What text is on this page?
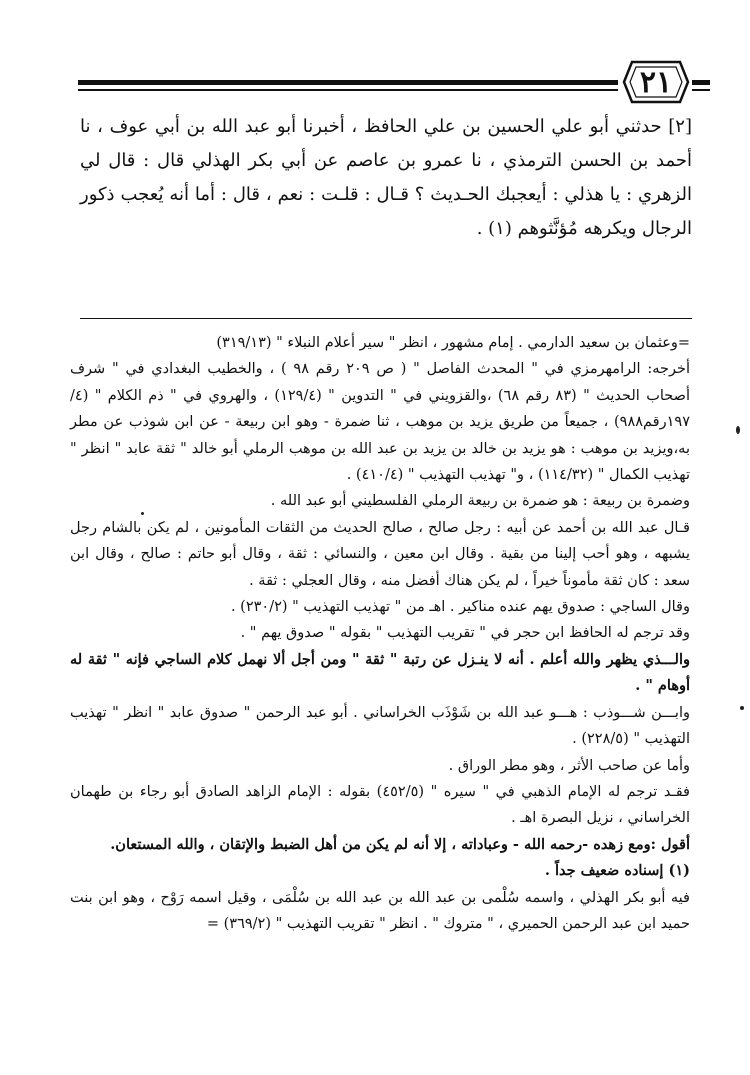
٢١

[٢] حدثني أبو علي الحسين بن علي الحافظ ، أخبرنا أبو عبد الله بن أبي عوف ، نا أحمد بن الحسن الترمذي ، نا عمرو بن عاصم عن أبي بكر الهذلي قال : قال لي الزهري : يا هذلي : أيعجبك الحـديث ؟ قـال : قلـت : نعم ، قال : أما أنه يُعجب ذكور الرجال ويكرهه مُؤنَّثوهم (١) .

=وعثمان بن سعيد الدارمي . إمام مشهور ، انظر " سير أعلام النبلاء " (٣١٩/١٣)

أخرجه: الرامهرمزي في " المحدث الفاصل " ( ص ٢٠٩ رقم ٩٨ ) ، والخطيب البغدادي في " شرف أصحاب الحديث " (٨٣ رقم ٦٨) ،والقزويني في " التدوين " (١٢٩/٤) ، والهروي في " ذم الكلام " (٤/ ١٩٧رقم٩٨٨) ، جميعاً من طريق يزيد بن موهب ، ثنا ضمرة - وهو ابن ربيعة - عن ابن شوذب عن مطر به،ويزيد بن موهب : هو يزيد بن خالد بن يزيد بن عبد الله بن موهب الرملي أبو خالد " ثقة عابد " انظر " تهذيب الكمال " (١١٤/٣٢) ، و" تهذيب التهذيب " (٤١٠/٤) .

وضمرة بن ربيعة : هو ضمرة بن ربيعة الرملي الفلسطيني أبو عبد الله .

قـال عبد الله بن أحمد عن أبيه : رجل صالح ، صالح الحديث من الثقات المأمونين ، لم يكن بالشام رجل يشبهه ، وهو أحب إلينا من بقية . وقال ابن معين ، والنسائي : ثقة ، وقال أبو حاتم : صالح ، وقال ابن سعد : كان ثقة مأموناً خيراً ، لم يكن هناك أفضل منه ، وقال العجلي : ثقة .

وقال الساجي : صدوق يهم عنده مناكير . اهـ من " تهذيب التهذيب " (٢٣٠/٢) .

وقد ترجم له الحافظ ابن حجر في " تقريب التهذيب " بقوله " صدوق يهم " .

والـــذي يظهر والله أعلم . أنه لا ينـزل عن رتبة " ثقة " ومن أجل ألا نهمل كلام الساجي فإنه " ثقة له أوهام " .

وابـــن شـــوذب : هـــو عبد الله بن شَوْذَب الخراساني . أبو عبد الرحمن " صدوق عابد " انظر " تهذيب التهذيب " (٢٢٨/٥) .

وأما عن صاحب الأثر ، وهو مطر الوراق .

فقـد ترجم له الإمام الذهبي في " سيره " (٤٥٢/٥) بقوله : الإمام الزاهد الصادق أبو رجاء بن طهمان الخراساني ، نزيل البصرة اهـ .

أقول :ومع زهده -رحمه الله - وعباداته ، إلا أنه لم يكن من أهل الضبط والإتقان ، والله المستعان.

(١) إسناده ضعيف جداً .

فيه أبو بكر الهذلي ، واسمه سُلْمى بن عبد الله بن عبد الله بن سُلْمَى ، وقيل اسمه رَوْح ، وهو ابن بنت حميد ابن عبد الرحمن الحميري ، " متروك " . انظر " تقريب التهذيب " (٣٦٩/٢) =
